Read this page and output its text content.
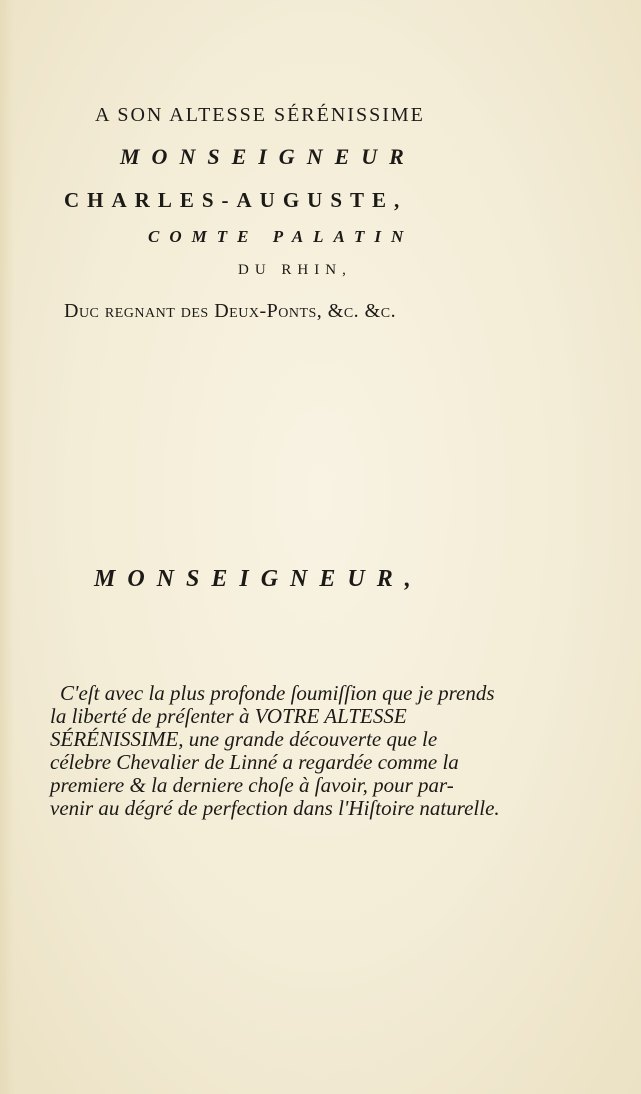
A SON ALTESSE SÉRÉNISSIME

MONSEIGNEUR

CHARLES-AUGUSTE,

COMTE PALATIN

DU RHIN,

Duc regnant des Deux-Ponts, &c. &c.

MONSEIGNEUR,

C'eſt avec la plus profonde ſoumiſſion que je prends
la liberté de préſenter à VOTRE ALTESSE
SÉRÉNISSIME, une grande découverte que le
célebre Chevalier de Linné a regardée comme la
premiere & la derniere choſe à ſavoir, pour par-
venir au dégré de perfection dans l'Hiſtoire naturelle.
